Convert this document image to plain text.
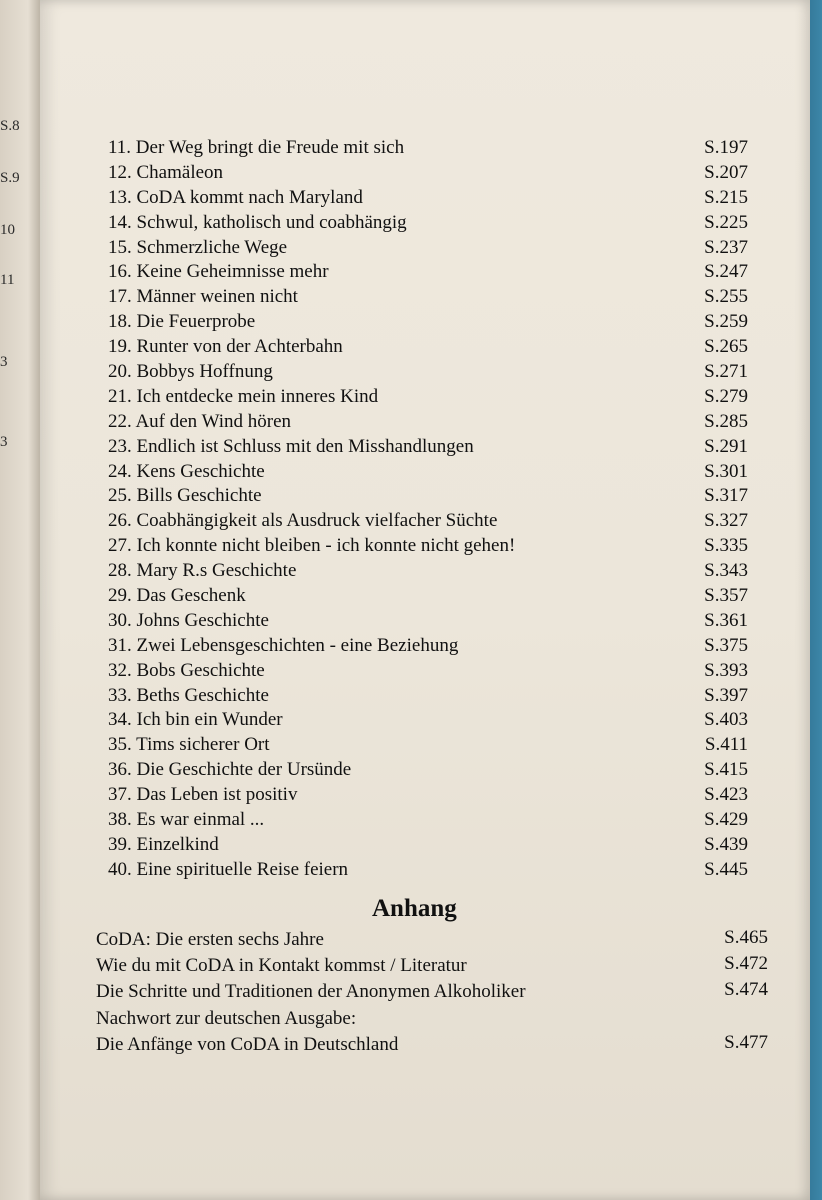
S.8
S.9
10
11
3
3
11. Der Weg bringt die Freude mit sich	S.197
12. Chamäleon	S.207
13. CoDA kommt nach Maryland	S.215
14. Schwul, katholisch und coabhängig	S.225
15. Schmerzliche Wege	S.237
16. Keine Geheimnisse mehr	S.247
17. Männer weinen nicht	S.255
18. Die Feuerprobe	S.259
19. Runter von der Achterbahn	S.265
20. Bobbys Hoffnung	S.271
21. Ich entdecke mein inneres Kind	S.279
22. Auf den Wind hören	S.285
23. Endlich ist Schluss mit den Misshandlungen	S.291
24. Kens Geschichte	S.301
25. Bills Geschichte	S.317
26. Coabhängigkeit als Ausdruck vielfacher Süchte	S.327
27. Ich konnte nicht bleiben - ich konnte nicht gehen!	S.335
28. Mary R.s Geschichte	S.343
29. Das Geschenk	S.357
30. Johns Geschichte	S.361
31. Zwei Lebensgeschichten - eine Beziehung	S.375
32. Bobs Geschichte	S.393
33. Beths Geschichte	S.397
34. Ich bin ein Wunder	S.403
35. Tims sicherer Ort	S.411
36. Die Geschichte der Ursünde	S.415
37. Das Leben ist positiv	S.423
38. Es war einmal ...	S.429
39. Einzelkind	S.439
40. Eine spirituelle Reise feiern	S.445
Anhang
CoDA: Die ersten sechs Jahre	S.465
Wie du mit CoDA in Kontakt kommst / Literatur	S.472
Die Schritte und Traditionen der Anonymen Alkoholiker	S.474
Nachwort zur deutschen Ausgabe:
Die Anfänge von CoDA in Deutschland	S.477
